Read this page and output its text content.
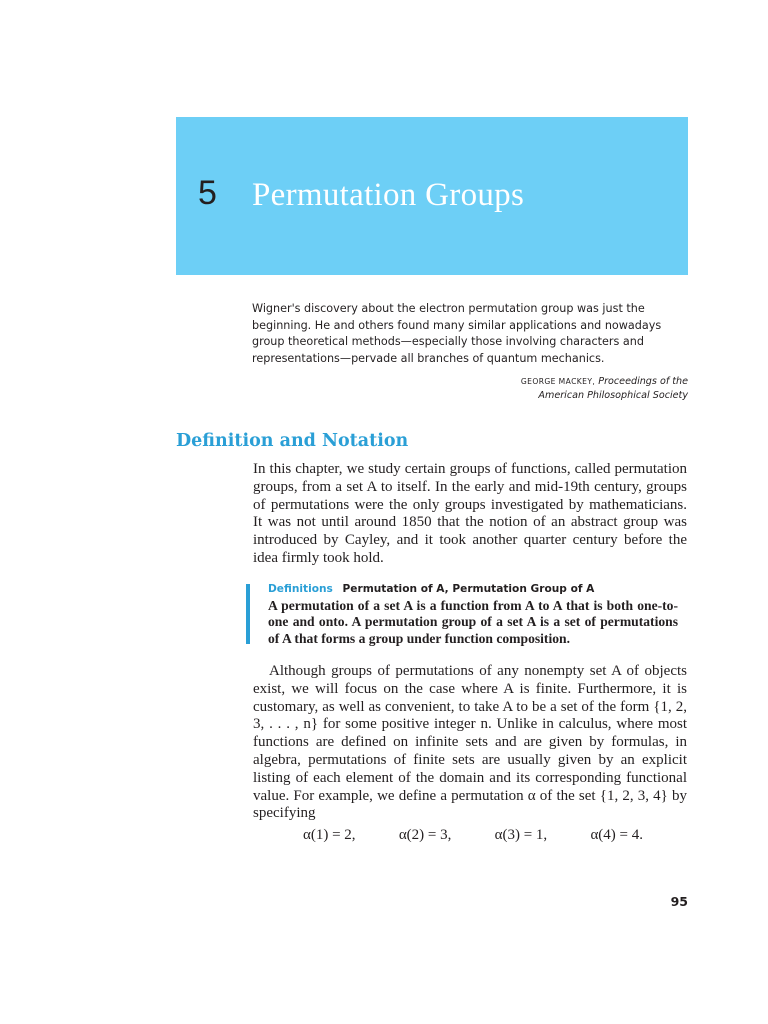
5 Permutation Groups

Wigner's discovery about the electron permutation group was just the beginning. He and others found many similar applications and nowadays group theoretical methods—especially those involving characters and representations—pervade all branches of quantum mechanics.

GEORGE MACKEY, Proceedings of the
American Philosophical Society
Definition and Notation

In this chapter, we study certain groups of functions, called permutation groups, from a set A to itself. In the early and mid-19th century, groups of permutations were the only groups investigated by mathematicians. It was not until around 1850 that the notion of an abstract group was introduced by Cayley, and it took another quarter century before the idea firmly took hold.

Definitions Permutation of A, Permutation Group of A

A permutation of a set A is a function from A to A that is both one-to-one and onto. A permutation group of a set A is a set of permutations of A that forms a group under function composition.

Although groups of permutations of any nonempty set A of objects exist, we will focus on the case where A is finite. Furthermore, it is customary, as well as convenient, to take A to be a set of the form {1, 2, 3, . . . , n} for some positive integer n. Unlike in calculus, where most functions are defined on infinite sets and are given by formulas, in algebra, permutations of finite sets are usually given by an explicit listing of each element of the domain and its corresponding functional value. For example, we define a permutation α of the set {1, 2, 3, 4} by specifying

α(1) = 2,	α(2) = 3,	α(3) = 1,	α(4) = 4.
95
